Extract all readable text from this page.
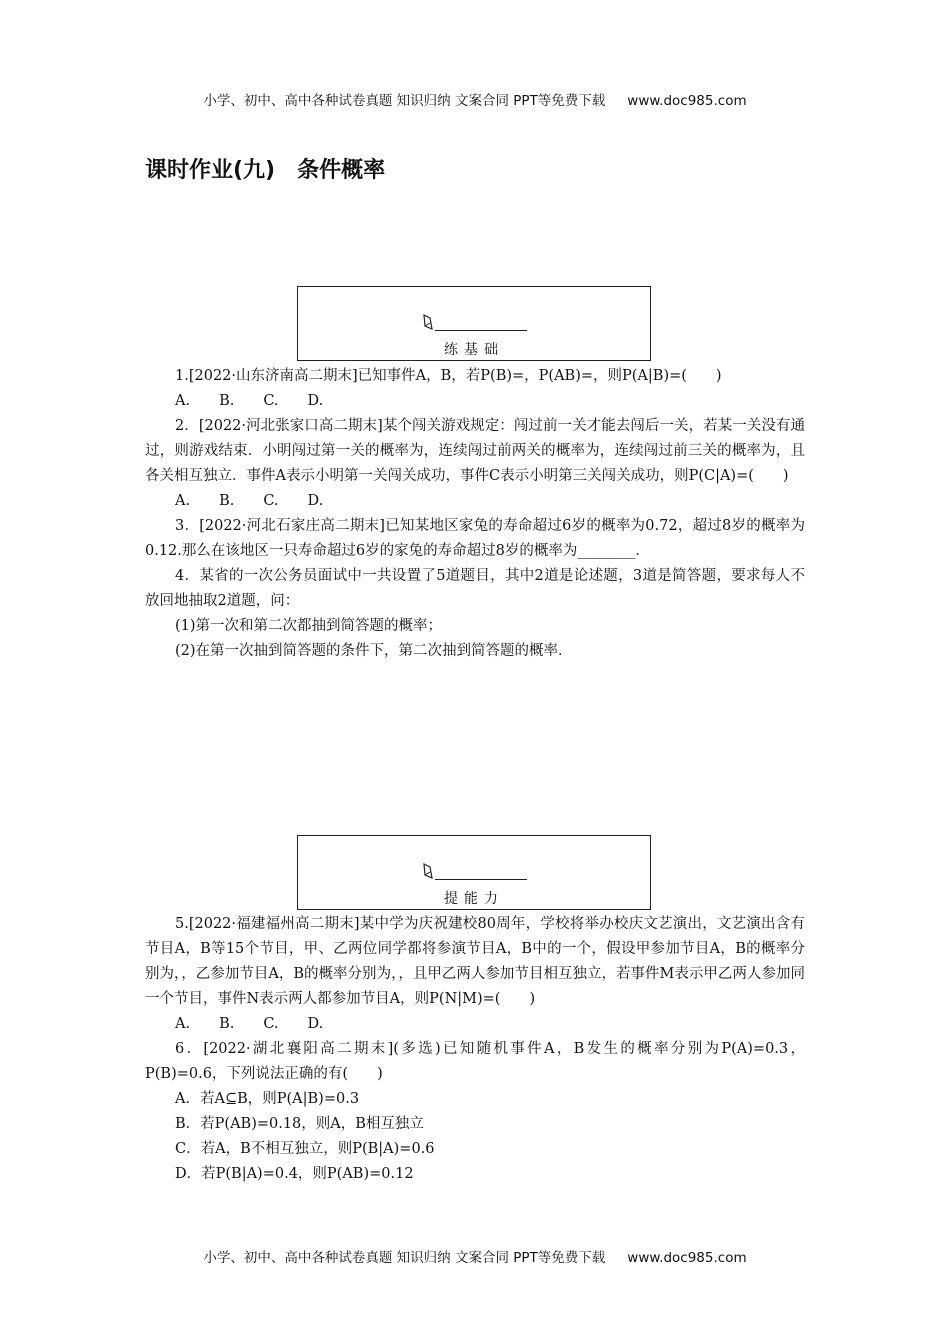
小学、初中、高中各种试卷真题 知识归纳 文案合同 PPT等免费下载 www.doc985.com
课时作业(九) 条件概率
练基础

1.[2022·山东济南高二期末]已知事件A，B，若P(B)=，P(AB)=，则P(A|B)=(　　)

A.　　B.　　C.　　D.

2．[2022·河北张家口高二期末]某个闯关游戏规定：闯过前一关才能去闯后一关，若某一关没有通过，则游戏结束．小明闯过第一关的概率为，连续闯过前两关的概率为，连续闯过前三关的概率为，且各关相互独立．事件A表示小明第一关闯关成功，事件C表示小明第三关闯关成功，则P(C|A)=(　　)

A.　　B.　　C.　　D.

3．[2022·河北石家庄高二期末]已知某地区家兔的寿命超过6岁的概率为0.72，超过8岁的概率为0.12.那么在该地区一只寿命超过6岁的家兔的寿命超过8岁的概率为________．

4．某省的一次公务员面试中一共设置了5道题目，其中2道是论述题，3道是简答题，要求每人不放回地抽取2道题，问：

(1)第一次和第二次都抽到简答题的概率；

(2)在第一次抽到简答题的条件下，第二次抽到简答题的概率．

提能力

5.[2022·福建福州高二期末]某中学为庆祝建校80周年，学校将举办校庆文艺演出，文艺演出含有节目A，B等15个节目，甲、乙两位同学都将参演节目A，B中的一个，假设甲参加节目A，B的概率分别为，，乙参加节目A，B的概率分别为，，且甲乙两人参加节目相互独立，若事件M表示甲乙两人参加同一个节目，事件N表示两人都参加节目A，则P(N|M)=(　　)

A.　　B.　　C.　　D.

6．[2022·湖北襄阳高二期末](多选)已知随机事件A，B发生的概率分别为P(A)=0.3，P(B)=0.6，下列说法正确的有(　　)

A．若A⊆B，则P(A|B)=0.3

B．若P(AB)=0.18，则A，B相互独立

C．若A，B不相互独立，则P(B|A)=0.6

D．若P(B|A)=0.4，则P(AB)=0.12

小学、初中、高中各种试卷真题 知识归纳 文案合同 PPT等免费下载 www.doc985.com
